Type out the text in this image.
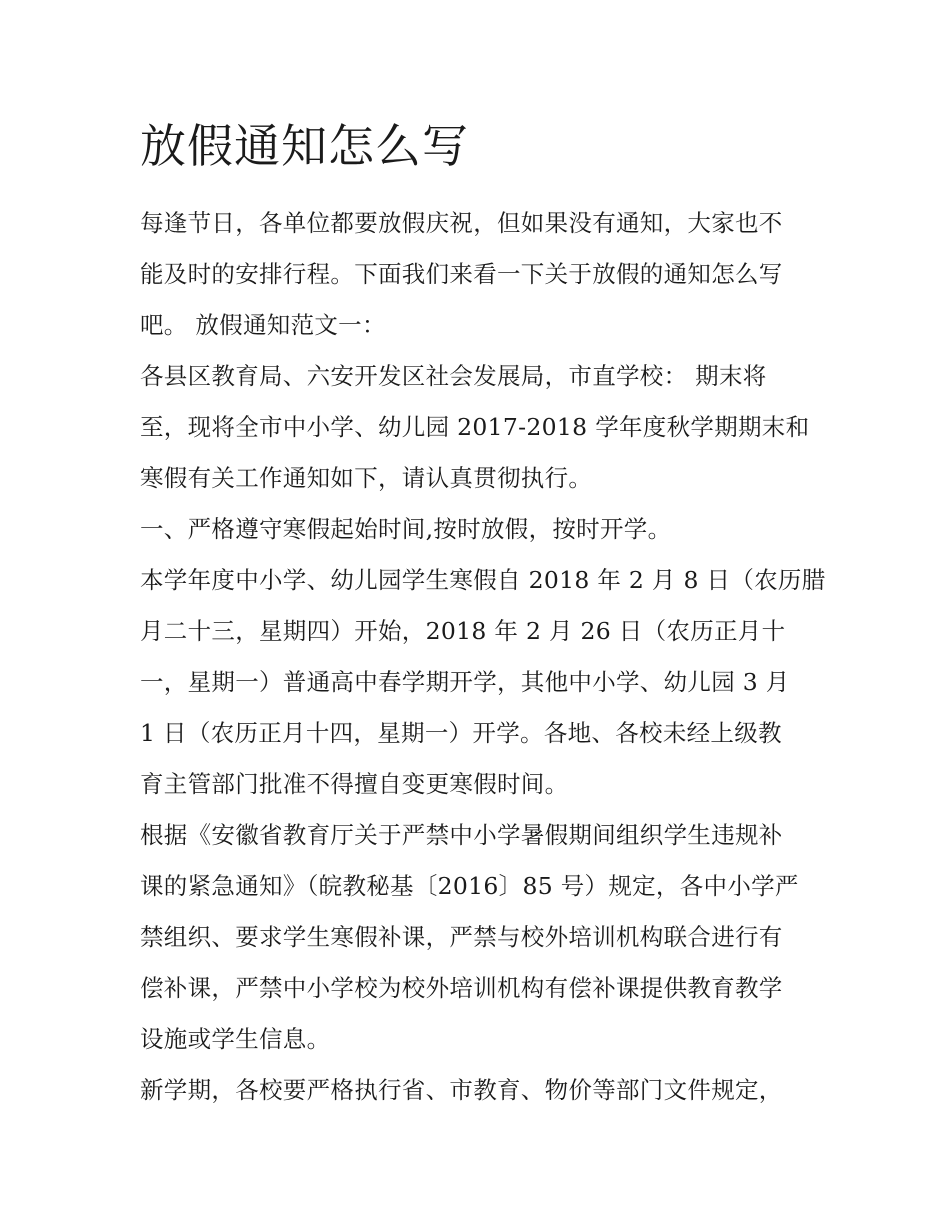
放假通知怎么写

每逢节日，各单位都要放假庆祝，但如果没有通知，大家也不

能及时的安排行程。下面我们来看一下关于放假的通知怎么写

吧。 放假通知范文一：

各县区教育局、六安开发区社会发展局，市直学校： 期末将

至，现将全市中小学、幼儿园 2017-2018 学年度秋学期期末和

寒假有关工作通知如下，请认真贯彻执行。

一、严格遵守寒假起始时间,按时放假，按时开学。

本学年度中小学、幼儿园学生寒假自 2018 年 2 月 8 日（农历腊

月二十三，星期四）开始，2018 年 2 月 26 日（农历正月十

一，星期一）普通高中春学期开学，其他中小学、幼儿园 3 月

1 日（农历正月十四，星期一）开学。各地、各校未经上级教

育主管部门批准不得擅自变更寒假时间。

根据《安徽省教育厅关于严禁中小学暑假期间组织学生违规补

课的紧急通知》（皖教秘基〔2016〕85 号）规定，各中小学严

禁组织、要求学生寒假补课，严禁与校外培训机构联合进行有

偿补课，严禁中小学校为校外培训机构有偿补课提供教育教学

设施或学生信息。

新学期，各校要严格执行省、市教育、物价等部门文件规定，
